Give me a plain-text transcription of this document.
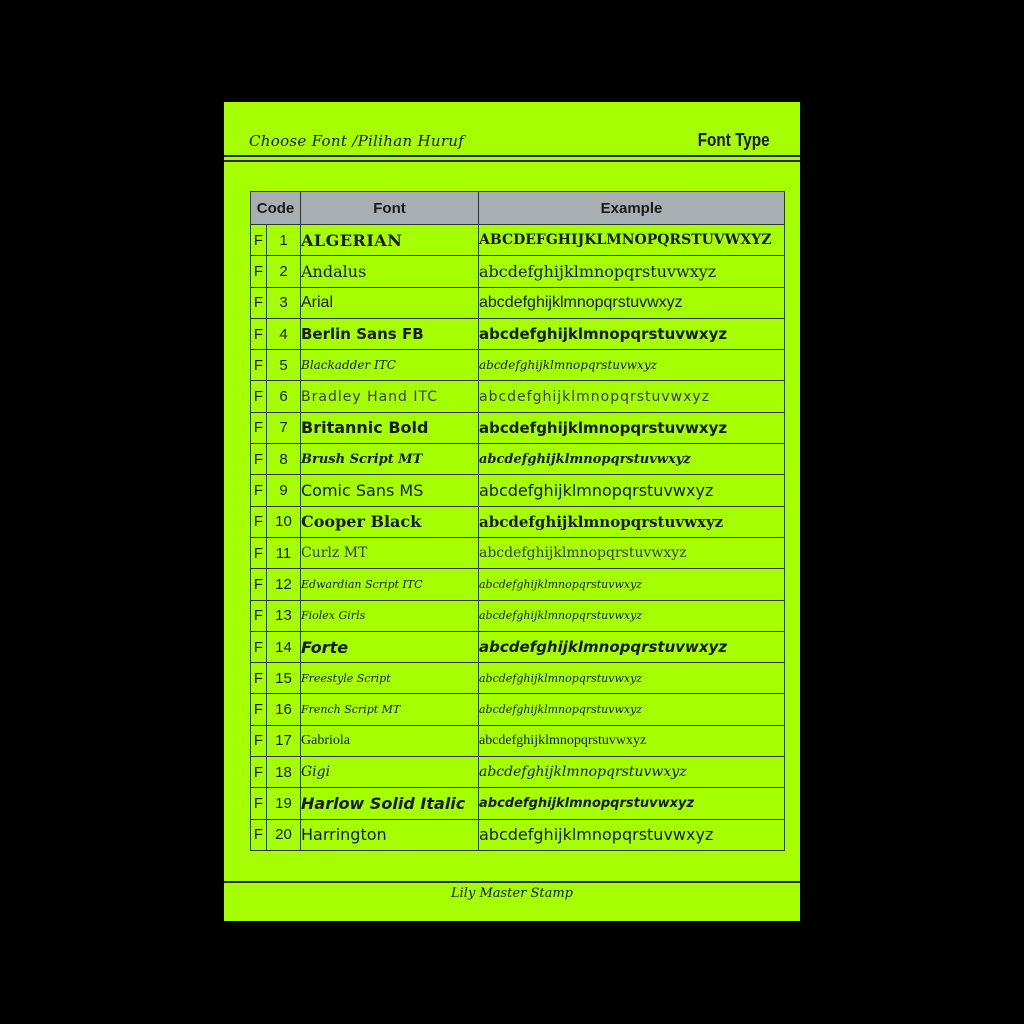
Choose Font /Pilihan Huruf	Font Type
Code		Font	Example
F	1	ALGERIAN	ABCDEFGHIJKLMNOPQRSTUVWXYZ
F	2	Andalus	abcdefghijklmnopqrstuvwxyz
F	3	Arial	abcdefghijklmnopqrstuvwxyz
F	4	Berlin Sans FB	abcdefghijklmnopqrstuvwxyz
F	5	Blackadder ITC	abcdefghijklmnopqrstuvwxyz
F	6	Bradley Hand ITC	abcdefghijklmnopqrstuvwxyz
F	7	Britannic Bold	abcdefghijklmnopqrstuvwxyz
F	8	Brush Script MT	abcdefghijklmnopqrstuvwxyz
F	9	Comic Sans MS	abcdefghijklmnopqrstuvwxyz
F	10	Cooper Black	abcdefghijklmnopqrstuvwxyz
F	11	Curlz MT	abcdefghijklmnopqrstuvwxyz
F	12	Edwardian Script ITC	abcdefghijklmnopqrstuvwxyz
F	13	Fiolex Girls	abcdefghijklmnopqrstuvwxyz
F	14	Forte	abcdefghijklmnopqrstuvwxyz
F	15	Freestyle Script	abcdefghijklmnopqrstuvwxyz
F	16	French Script MT	abcdefghijklmnopqrstuvwxyz
F	17	Gabriola	abcdefghijklmnopqrstuvwxyz
F	18	Gigi	abcdefghijklmnopqrstuvwxyz
F	19	Harlow Solid Italic	abcdefghijklmnopqrstuvwxyz
F	20	Harrington	abcdefghijklmnopqrstuvwxyz
Lily Master Stamp
